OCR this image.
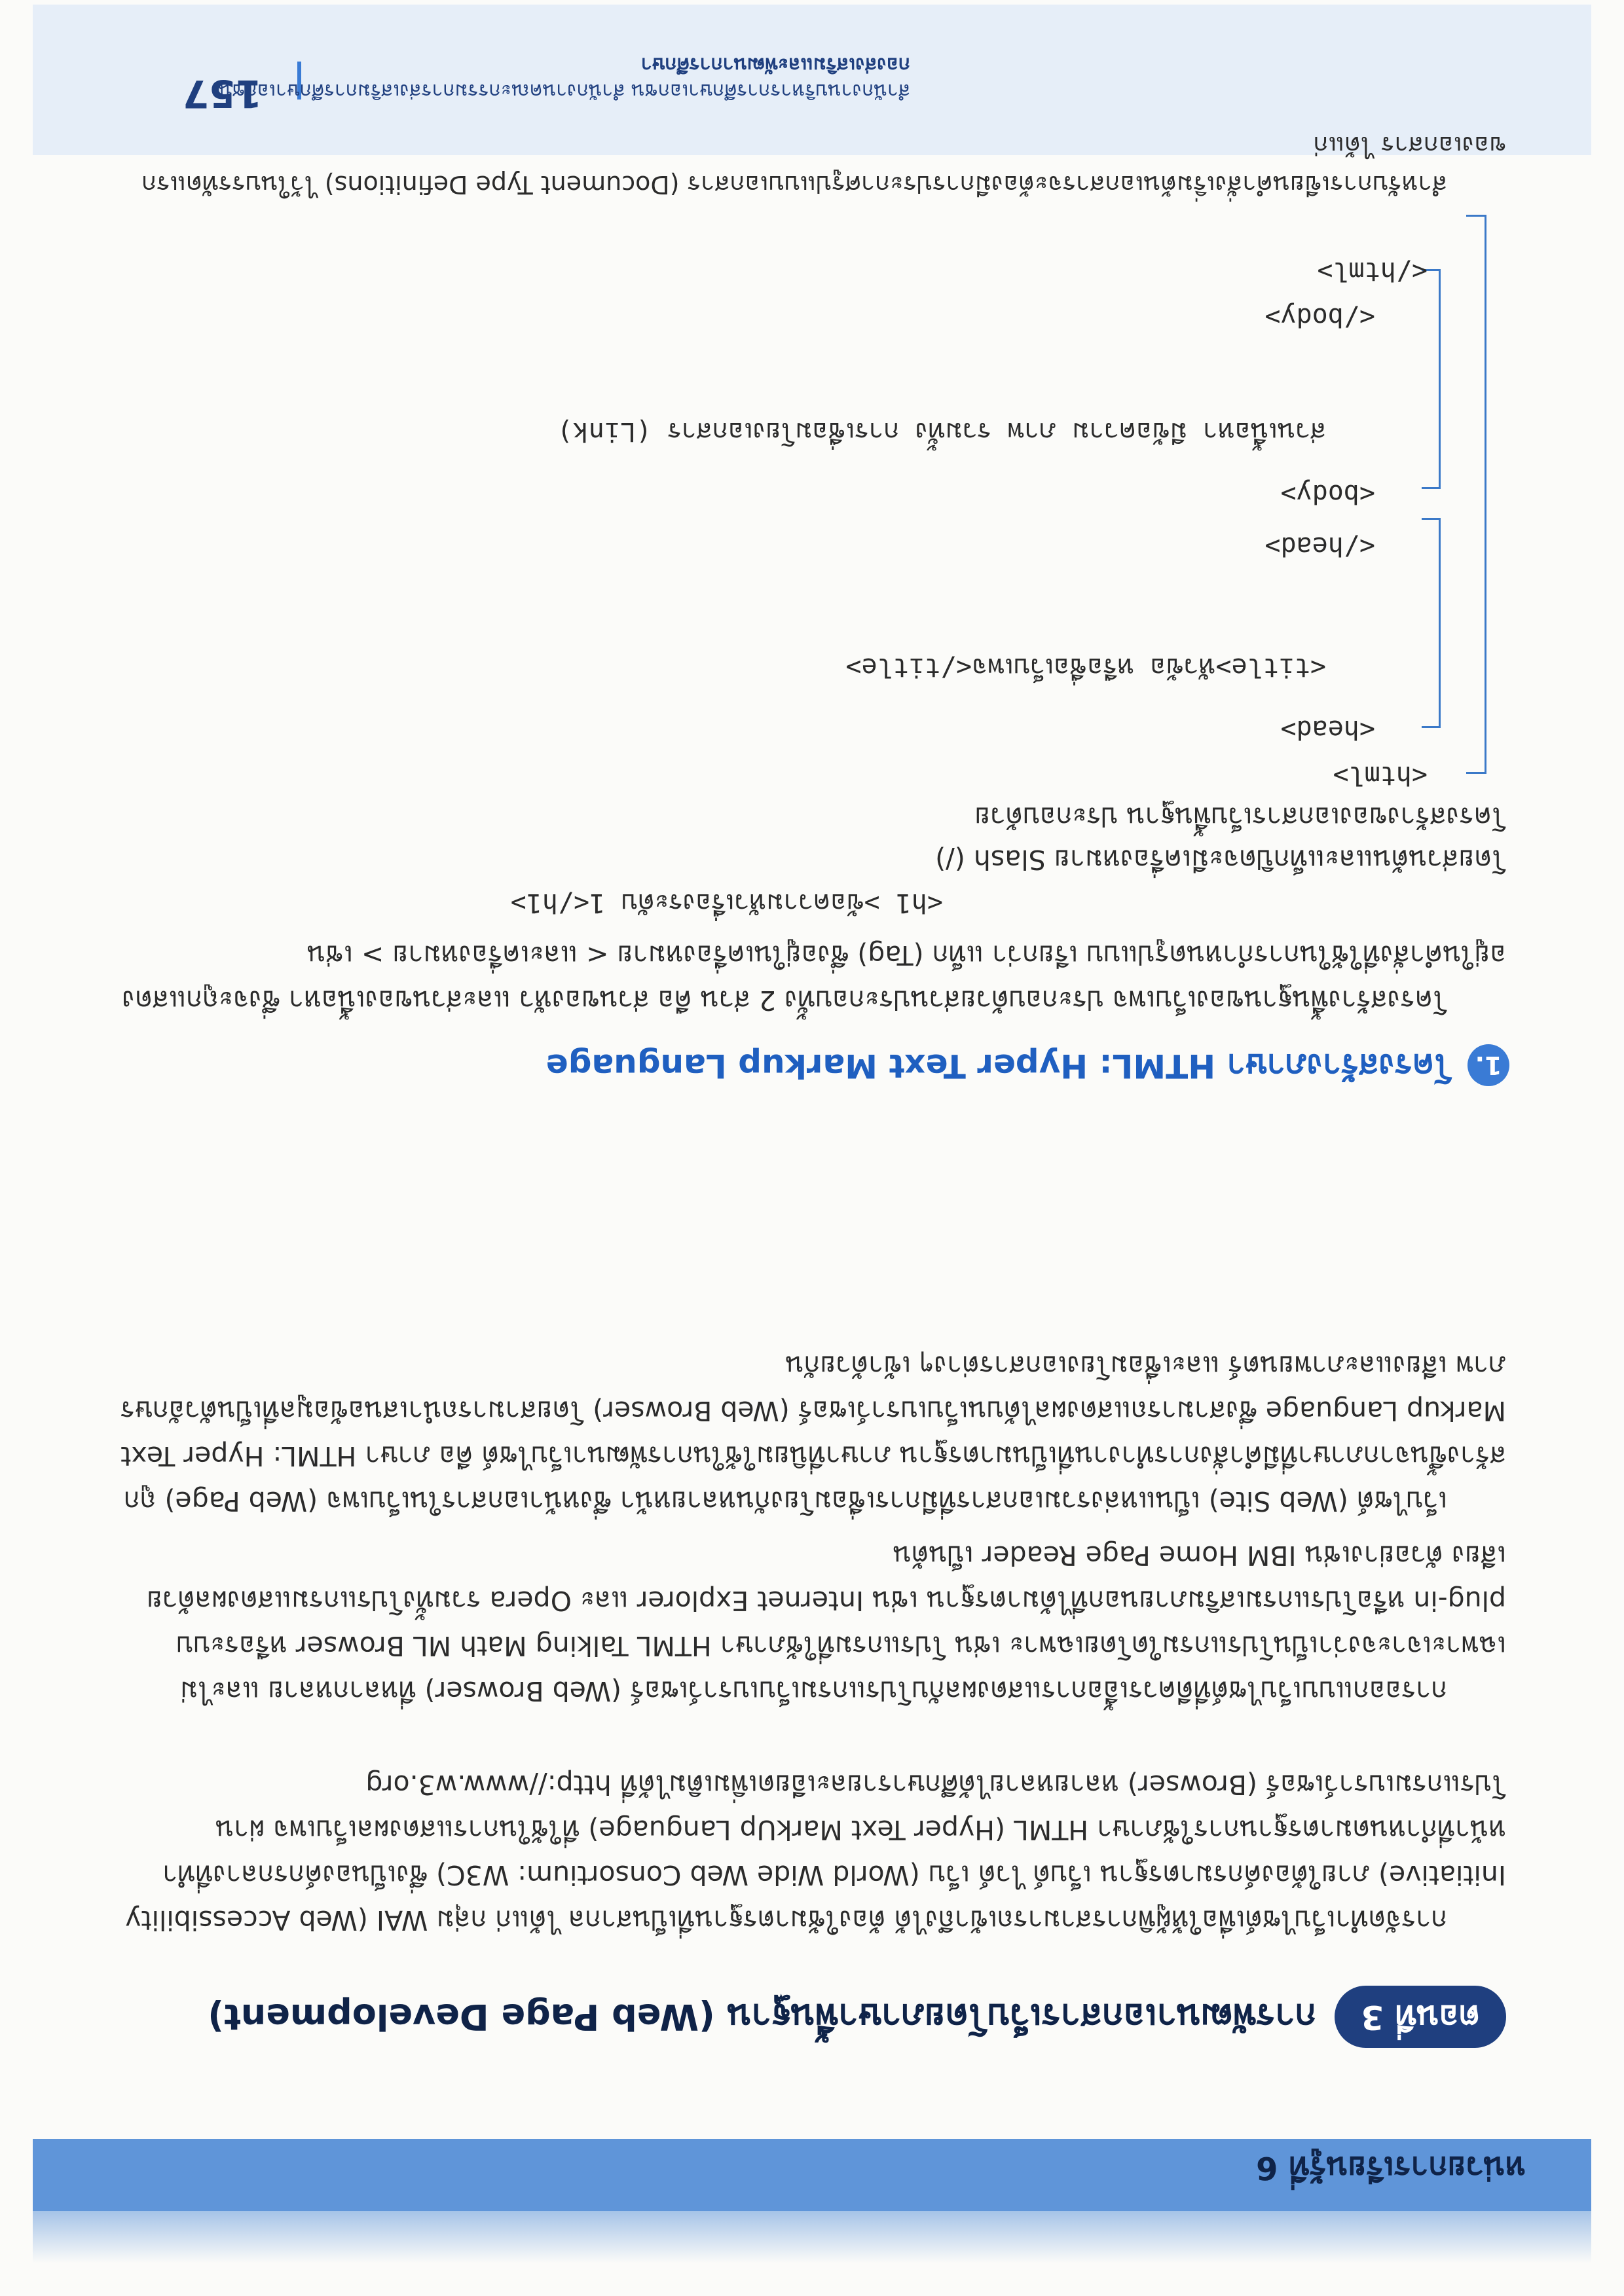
หน่วยการเรียนรู้ที่ 6
ตอนที่ 3
การพัฒนาเอกสารเว็บโดยภาษาพื้นฐาน (Web Page Development)

การจัดทำเว็บไซต์เพื่อให้ผู้พิการสามารถเข้าถึงได้ ต้องใช้มาตรฐานที่เป็นสากล ได้แก่ กลุ่ม WAI (Web Accessibility Initiative) ภายใต้องค์กรมาตรฐาน เว็บด์ ไวด์ เว็บ (World Wide Web Consortium: W3C) ซึ่งเป็นองค์กรกลางที่ทำหน้าที่กำหนดมาตรฐานการใช้ภาษา HTML (Hyper Text MarkUp Language) ที่ใช้ในการแสดงผลเว็บเพจ ผ่านโปรแกรมเบราว์เซอร์ (Browser) หลายหลายได้ศึกษารายละเอียดเพิ่มเติมได้ที่ http://www.w3.org

การออกแบบเว็บไซต์ที่ดีควรเอื้อการแสดงผลกับโปรแกรมเว็บเบราว์เซอร์ (Web Browser) ที่หลากหลาย และไม่เฉพาะเจาะจงว่าเป็นโปรแกรมใดโดยเฉพาะ เช่น โปรแกรมที่ใช้ภาษา HTML Talking Math ML Browser หรือระบบ plug-in หรือโปรแกรมเสริมภายนอกที่ได้มาตรฐาน เช่น Internet Explorer และ Opera รวมทั้งโปรแกรมแสดงผลด้วยเสียง ตัวอย่างเช่น IBM Home Page Reader เป็นต้น

เว็บไซต์ (Web Site) เป็นแหล่งรวมเอกสารที่มีการเชื่อมโยงกันหลายหน้า ซึ่งหน้าเอกสารในเว็บเพจ (Web Page) ถูกสร้างขึ้นจากภาษาที่มีคำสั่งการทำงานที่เป็นมาตรฐาน ภาษาที่นิยมใช้ในการพัฒนาเว็บไซต์ คือ ภาษา HTML: Hyper Text Markup Language ซึ่งสามารถแสดงผลได้บนเว็บเบราว์เซอร์ (Web Browser) โดยสามารถนำเสนอข้อมูลที่เป็นตัวอักษร ภาพ เสียงและภาพยนตร์ และเชื่อมโยงเอกสารต่างๆ เข้าด้วยกัน

1.
โครงสร้างภาษา HTML: Hyper Text Markup Language

โครงสร้างพื้นฐานของเว็บเพจ ประกอบด้วยส่วนประกอบทั้ง 2 ส่วน คือ ส่วนของหัว และส่วนของเนื้อหา ซึ่งจะถูกแสดงอยู่ในคำสั่งที่ใช้ในการกำหนดรูปแบบ เรียกว่า แท็ก (Tag) ซึ่งอยู่ในเครื่องหมาย < และเครื่องหมาย > เช่น

<h1 >ข้อความหัวเรื่องระดับ 1</h1>

โดยส่วนต้นและแท็กปิดจะมีเครื่องหมาย Slash (/)

โครงสร้างของเอกสารเว็บพื้นฐาน ประกอบด้วย

<html>
<head>
<title>หัวข้อ หรือชื่อเว็บเพจ</title>
</head>
<body>
ส่วนเนื้อหา มีข้อความ ภาพ รวมทั้ง การเชื่อมโยงเอกสาร (Link)
</body>
</html>
สำนักงานบริหารการศึกษาเอกชน สำนักงานคณะกรรมการส่งเสริมการศึกษาเอกชน
กองส่งเสริมและพัฒนาการศึกษา
157

สำหรับการเขียนคำสั่งเริ่มต้นเอกสารจะต้องมีการประกาศรูปแบบเอกสาร (Document Type Definitions) ไว้ในบรรทัดแรกของเอกสาร ได้แก่
